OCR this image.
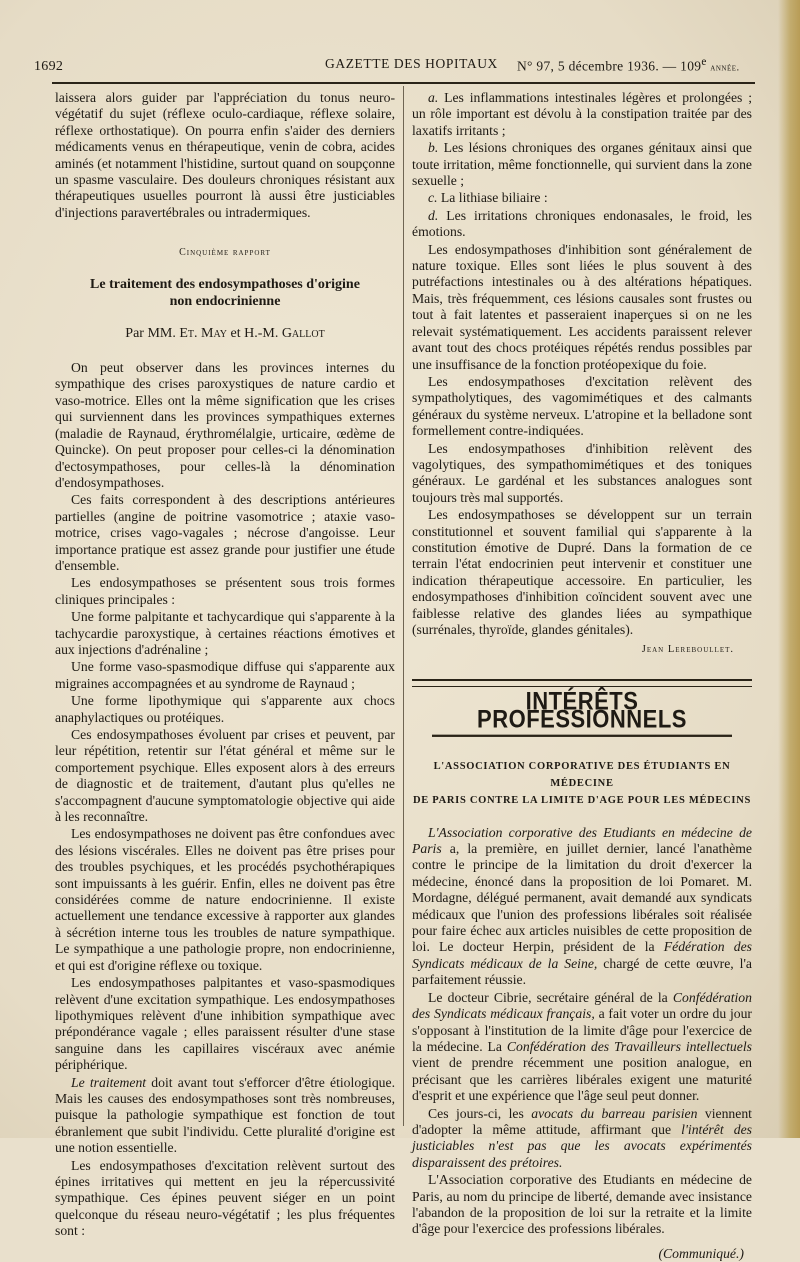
1692	GAZETTE DES HOPITAUX N° 97, 5 décembre 1936. — 109e année.

laissera alors guider par l'appréciation du tonus neuro-végétatif du sujet (réflexe oculo-cardiaque, réflexe solaire, réflexe orthostatique). On pourra enfin s'aider des derniers médicaments venus en thérapeutique, venin de cobra, acides aminés (et notamment l'histidine, surtout quand on soupçonne un spasme vasculaire. Des douleurs chroniques résistant aux thérapeutiques usuelles pourront là aussi être justiciables d'injections paravertébrales ou intradermiques.

Cinquième rapport
Le traitement des endosympathoses d'origine
non endocrinienne
Par MM. Et. May et H.-M. Gallot

On peut observer dans les provinces internes du sympathique des crises paroxystiques de nature cardio et vaso-motrice. Elles ont la même signification que les crises qui surviennent dans les provinces sympathiques externes (maladie de Raynaud, érythromélalgie, urticaire, œdème de Quincke). On peut proposer pour celles-ci la dénomination d'ectosympathoses, pour celles-là la dénomination d'endosympathoses.

Ces faits correspondent à des descriptions antérieures partielles (angine de poitrine vasomotrice ; ataxie vaso-motrice, crises vago-vagales ; nécrose d'angoisse. Leur importance pratique est assez grande pour justifier une étude d'ensemble.

Les endosympathoses se présentent sous trois formes cliniques principales :

Une forme palpitante et tachycardique qui s'apparente à la tachycardie paroxystique, à certaines réactions émotives et aux injections d'adrénaline ;

Une forme vaso-spasmodique diffuse qui s'apparente aux migraines accompagnées et au syndrome de Raynaud ;

Une forme lipothymique qui s'apparente aux chocs anaphylactiques ou protéiques.

Ces endosympathoses évoluent par crises et peuvent, par leur répétition, retentir sur l'état général et même sur le comportement psychique. Elles exposent alors à des erreurs de diagnostic et de traitement, d'autant plus qu'elles ne s'accompagnent d'aucune symptomatologie objective qui aide à les reconnaître.

Les endosympathoses ne doivent pas être confondues avec des lésions viscérales. Elles ne doivent pas être prises pour des troubles psychiques, et les procédés psychothérapiques sont impuissants à les guérir. Enfin, elles ne doivent pas être considérées comme de nature endocrinienne. Il existe actuellement une tendance excessive à rapporter aux glandes à sécrétion interne tous les troubles de nature sympathique. Le sympathique a une pathologie propre, non endocrinienne, et qui est d'origine réflexe ou toxique.

Les endosympathoses palpitantes et vaso-spasmodiques relèvent d'une excitation sympathique. Les endosympathoses lipothymiques relèvent d'une inhibition sympathique avec prépondérance vagale ; elles paraissent résulter d'une stase sanguine dans les capillaires viscéraux avec anémie périphérique.

Le traitement doit avant tout s'efforcer d'être étiologique. Mais les causes des endosympathoses sont très nombreuses, puisque la pathologie sympathique est fonction de tout ébranlement que subit l'individu. Cette pluralité d'origine est une notion essentielle.

Les endosympathoses d'excitation relèvent surtout des épines irritatives qui mettent en jeu la répercussivité sympathique. Ces épines peuvent siéger en un point quelconque du réseau neuro-végétatif ; les plus fréquentes sont :

a. Les inflammations intestinales légères et prolongées ; un rôle important est dévolu à la constipation traitée par des laxatifs irritants ;

b. Les lésions chroniques des organes génitaux ainsi que toute irritation, même fonctionnelle, qui survient dans la zone sexuelle ;

c. La lithiase biliaire :

d. Les irritations chroniques endonasales, le froid, les émotions.

Les endosympathoses d'inhibition sont généralement de nature toxique. Elles sont liées le plus souvent à des putréfactions intestinales ou à des altérations hépatiques. Mais, très fréquemment, ces lésions causales sont frustes ou tout à fait latentes et passeraient inaperçues si on ne les relevait systématiquement. Les accidents paraissent relever avant tout des chocs protéiques répétés rendus possibles par une insuffisance de la fonction protéopexique du foie.

Les endosympathoses d'excitation relèvent des sympatholytiques, des vagomimétiques et des calmants généraux du système nerveux. L'atropine et la belladone sont formellement contre-indiquées.

Les endosympathoses d'inhibition relèvent des vagolytiques, des sympathomimétiques et des toniques généraux. Le gardénal et les substances analogues sont toujours très mal supportés.

Les endosympathoses se développent sur un terrain constitutionnel et souvent familial qui s'apparente à la constitution émotive de Dupré. Dans la formation de ce terrain l'état endocrinien peut intervenir et constituer une indication thérapeutique accessoire. En particulier, les endosympathoses d'inhibition coïncident souvent avec une faiblesse relative des glandes liées au sympathique (surrénales, thyroïde, glandes génitales).

Jean Lereboullet.
INTÉRÊTS PROFESSIONNELS
L'ASSOCIATION CORPORATIVE DES ÉTUDIANTS EN MÉDECINE
DE PARIS CONTRE LA LIMITE D'AGE POUR LES MÉDECINS

L'Association corporative des Etudiants en médecine de Paris a, la première, en juillet dernier, lancé l'anathème contre le principe de la limitation du droit d'exercer la médecine, énoncé dans la proposition de loi Pomaret. M. Mordagne, délégué permanent, avait demandé aux syndicats médicaux que l'union des professions libérales soit réalisée pour faire échec aux articles nuisibles de cette proposition de loi. Le docteur Herpin, président de la Fédération des Syndicats médicaux de la Seine, chargé de cette œuvre, l'a parfaitement réussie.

Le docteur Cibrie, secrétaire général de la Confédération des Syndicats médicaux français, a fait voter un ordre du jour s'opposant à l'institution de la limite d'âge pour l'exercice de la médecine. La Confédération des Travailleurs intellectuels vient de prendre récemment une position analogue, en précisant que les carrières libérales exigent une maturité d'esprit et une expérience que l'âge seul peut donner.

Ces jours-ci, les avocats du barreau parisien viennent d'adopter la même attitude, affirmant que l'intérêt des justiciables n'est pas que les avocats expérimentés disparaissent des prétoires.

L'Association corporative des Etudiants en médecine de Paris, au nom du principe de liberté, demande avec insistance l'abandon de la proposition de loi sur la retraite et la limite d'âge pour l'exercice des professions libérales.

(Communiqué.)
